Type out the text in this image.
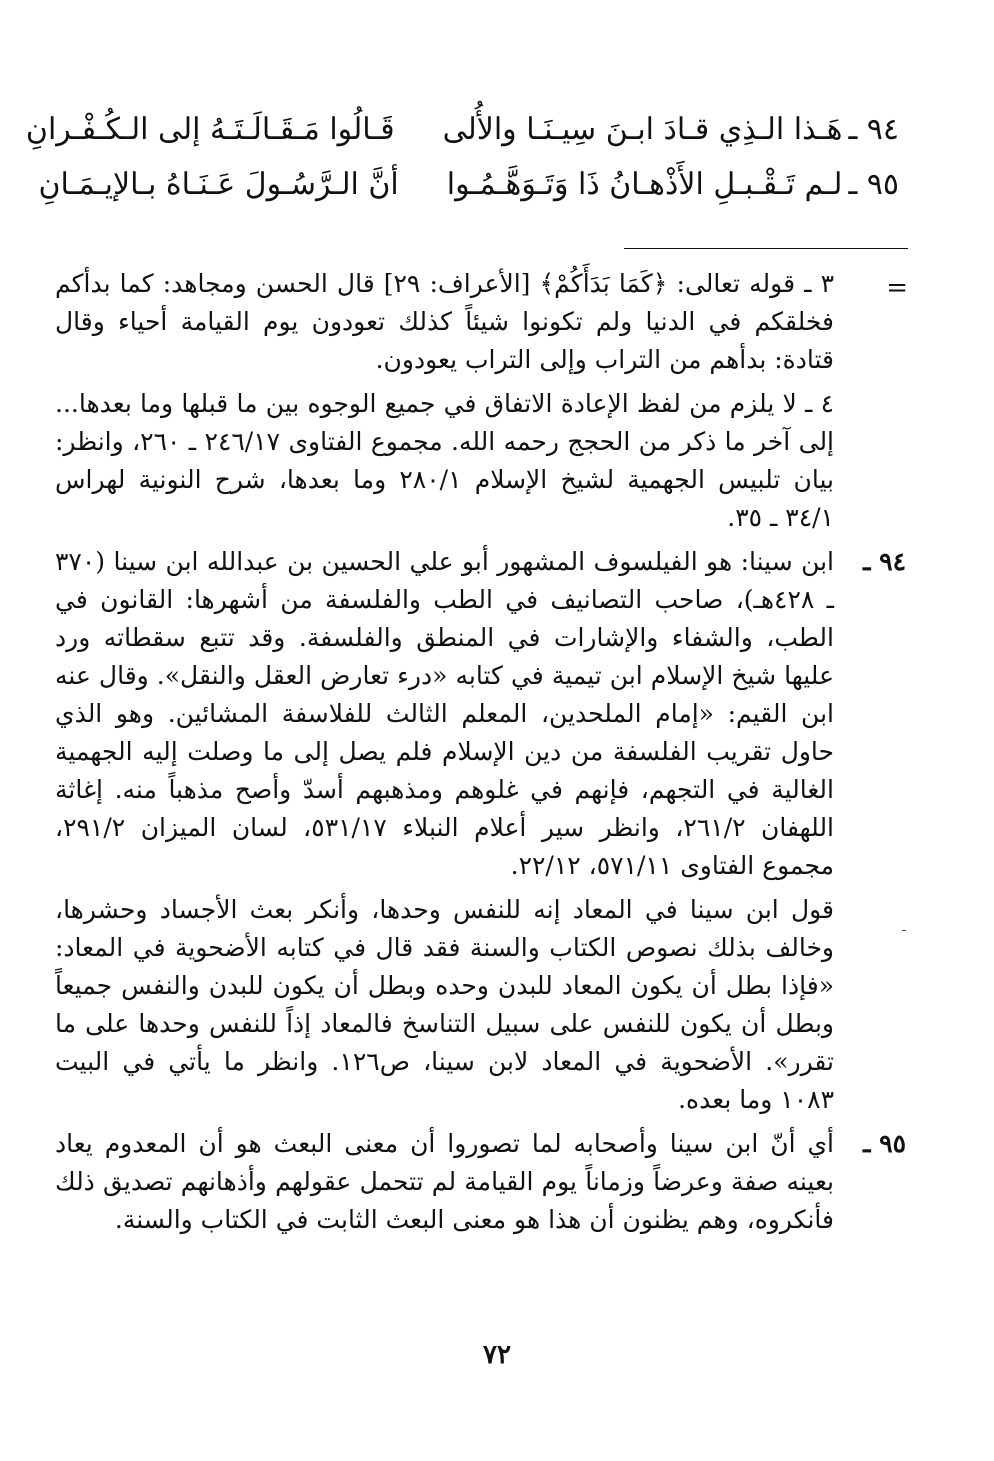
٩٤ ـ
هَـذا الـذِي قـادَ ابـنَ سِيـنَـا والأُلى
قَـالُوا مَـقَـالَـتَـهُ إلى الـكُـفْـرانِ
٩٥ ـ
لـم تَـقْـبـلِ الأَذْهـانُ ذَا وَتَـوَهَّـمُـوا
أنَّ الـرَّسُـولَ عَـنَـاهُ بـالإيـمَـانِ
=
٣ ـ قوله تعالى: ﴿كَمَا بَدَأَكُمْ﴾ [الأعراف: ٢٩] قال الحسن ومجاهد: كما بدأكم فخلقكم في الدنيا ولم تكونوا شيئاً كذلك تعودون يوم القيامة أحياء وقال قتادة: بدأهم من التراب وإلى التراب يعودون.
٤ ـ لا يلزم من لفظ الإعادة الاتفاق في جميع الوجوه بين ما قبلها وما بعدها... إلى آخر ما ذكر من الحجج رحمه الله. مجموع الفتاوى ٢٤٦/١٧ ـ ٢٦٠، وانظر: بيان تلبيس الجهمية لشيخ الإسلام ٢٨٠/١ وما بعدها، شرح النونية لهراس ٣٤/١ ـ ٣٥.
٩٤ ـ
ابن سينا: هو الفيلسوف المشهور أبو علي الحسين بن عبدالله ابن سينا (٣٧٠ ـ ٤٢٨هـ)، صاحب التصانيف في الطب والفلسفة من أشهرها: القانون في الطب، والشفاء والإشارات في المنطق والفلسفة. وقد تتبع سقطاته ورد عليها شيخ الإسلام ابن تيمية في كتابه «درء تعارض العقل والنقل». وقال عنه ابن القيم: «إمام الملحدين، المعلم الثالث للفلاسفة المشائين. وهو الذي حاول تقريب الفلسفة من دين الإسلام فلم يصل إلى ما وصلت إليه الجهمية الغالية في التجهم، فإنهم في غلوهم ومذهبهم أسدّ وأصح مذهباً منه. إغاثة اللهفان ٢٦١/٢، وانظر سير أعلام النبلاء ٥٣١/١٧، لسان الميزان ٢٩١/٢، مجموع الفتاوى ٥٧١/١١، ٢٢/١٢.
قول ابن سينا في المعاد إنه للنفس وحدها، وأنكر بعث الأجساد وحشرها، وخالف بذلك نصوص الكتاب والسنة فقد قال في كتابه الأضحوية في المعاد: «فإذا بطل أن يكون المعاد للبدن وحده وبطل أن يكون للبدن والنفس جميعاً وبطل أن يكون للنفس على سبيل التناسخ فالمعاد إذاً للنفس وحدها على ما تقرر». الأضحوية في المعاد لابن سينا، ص١٢٦. وانظر ما يأتي في البيت ١٠٨٣ وما بعده.
٩٥ ـ
أي أنّ ابن سينا وأصحابه لما تصوروا أن معنى البعث هو أن المعدوم يعاد بعينه صفة وعرضاً وزماناً يوم القيامة لم تتحمل عقولهم وأذهانهم تصديق ذلك فأنكروه، وهم يظنون أن هذا هو معنى البعث الثابت في الكتاب والسنة.
٧٢
